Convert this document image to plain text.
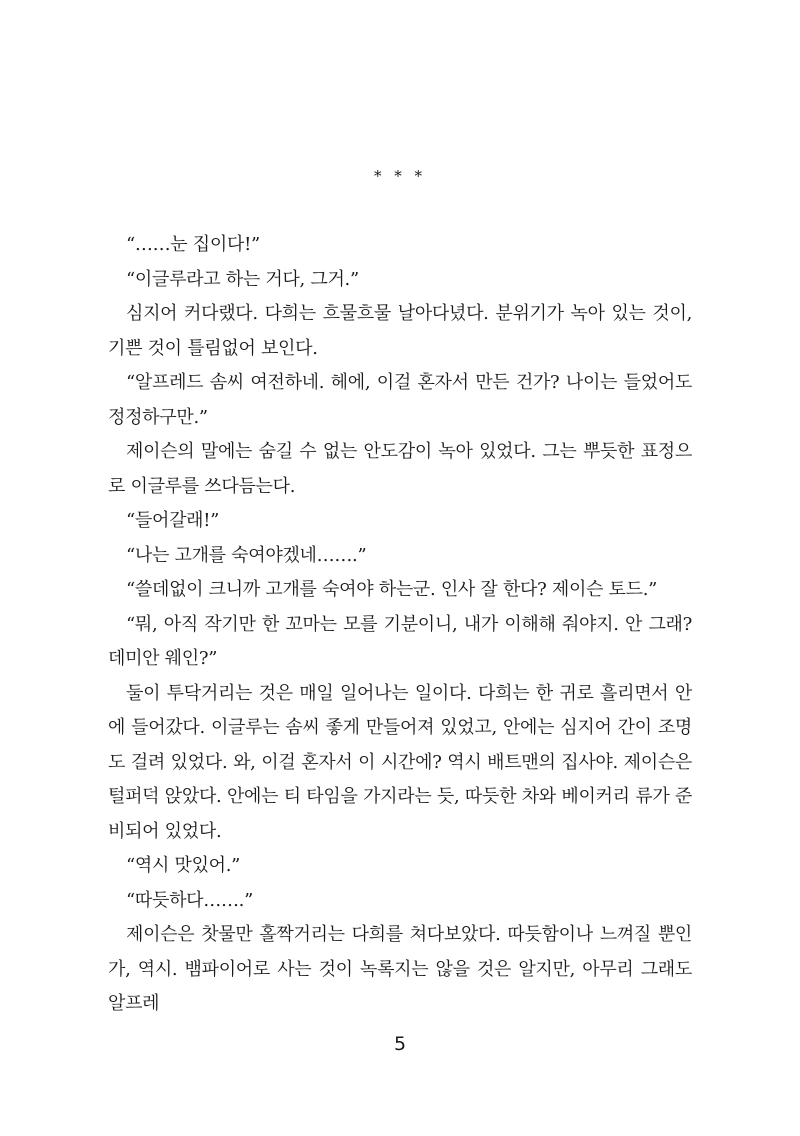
* * *

“……눈 집이다!”

“이글루라고 하는 거다, 그거.”

심지어 커다랬다. 다희는 흐물흐물 날아다녔다. 분위기가 녹아 있는 것이, 기쁜 것이 틀림없어 보인다.

“알프레드 솜씨 여전하네. 헤에, 이걸 혼자서 만든 건가? 나이는 들었어도 정정하구만.”

제이슨의 말에는 숨길 수 없는 안도감이 녹아 있었다. 그는 뿌듯한 표정으로 이글루를 쓰다듬는다.

“들어갈래!”

“나는 고개를 숙여야겠네…….”

“쓸데없이 크니까 고개를 숙여야 하는군. 인사 잘 한다? 제이슨 토드.”

“뭐, 아직 작기만 한 꼬마는 모를 기분이니, 내가 이해해 줘야지. 안 그래? 데미안 웨인?”

둘이 투닥거리는 것은 매일 일어나는 일이다. 다희는 한 귀로 흘리면서 안에 들어갔다. 이글루는 솜씨 좋게 만들어져 있었고, 안에는 심지어 간이 조명도 걸려 있었다. 와, 이걸 혼자서 이 시간에? 역시 배트맨의 집사야. 제이슨은 털퍼덕 앉았다. 안에는 티 타임을 가지라는 듯, 따듯한 차와 베이커리 류가 준비되어 있었다.

“역시 맛있어.”

“따듯하다…….”

제이슨은 찻물만 홀짝거리는 다희를 쳐다보았다. 따듯함이나 느껴질 뿐인가, 역시. 뱀파이어로 사는 것이 녹록지는 않을 것은 알지만, 아무리 그래도 알프레

5
